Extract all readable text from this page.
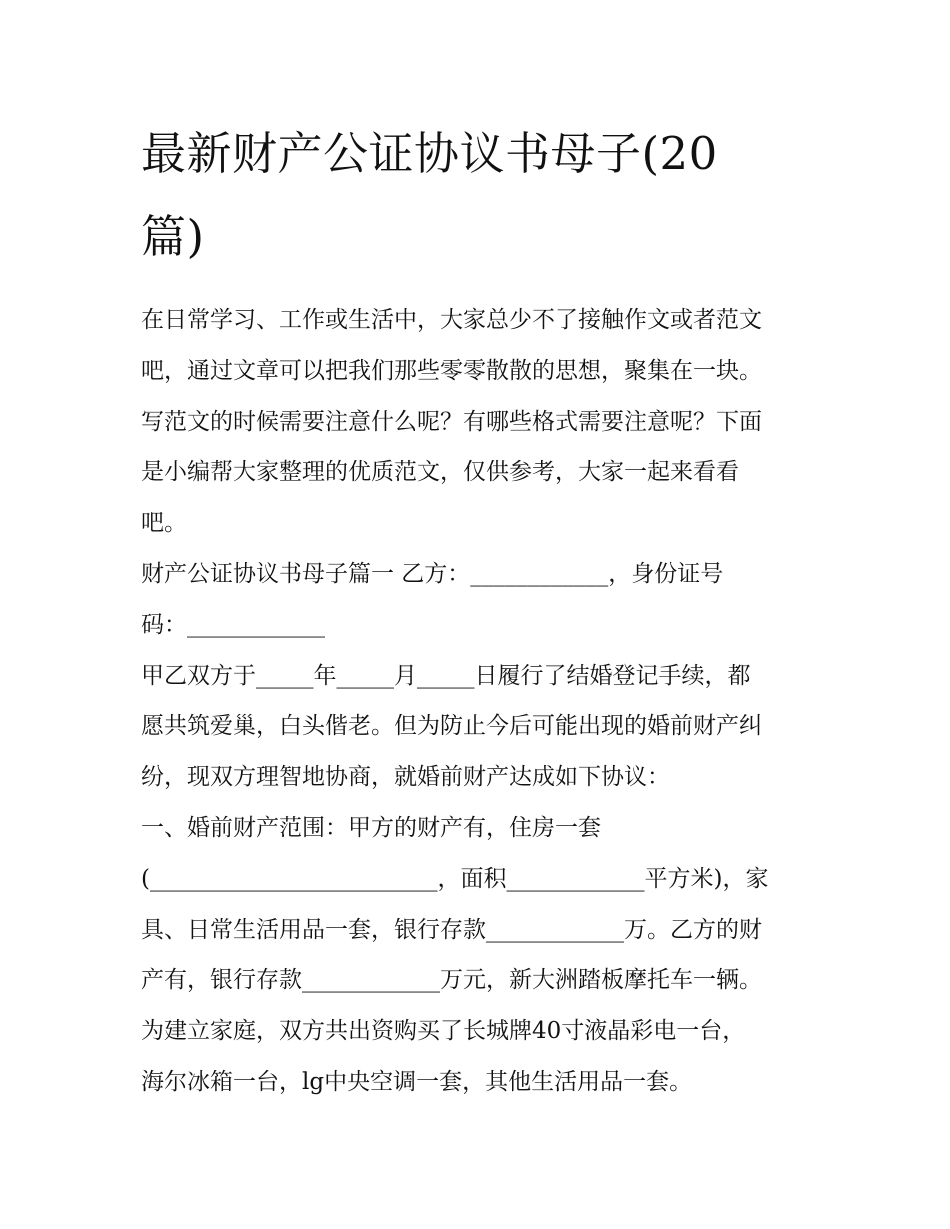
最新财产公证协议书母子(20
篇)
在日常学习、工作或生活中，大家总少不了接触作文或者范文
吧，通过文章可以把我们那些零零散散的思想，聚集在一块。
写范文的时候需要注意什么呢？有哪些格式需要注意呢？下面
是小编帮大家整理的优质范文，仅供参考，大家一起来看看
吧。
财产公证协议书母子篇一 乙方：____________，身份证号
码：____________
甲乙双方于_____年_____月_____日履行了结婚登记手续，都
愿共筑爱巢，白头偕老。但为防止今后可能出现的婚前财产纠
纷，现双方理智地协商，就婚前财产达成如下协议：
一、婚前财产范围：甲方的财产有，住房一套
(_________________________，面积____________平方米)，家
具、日常生活用品一套，银行存款____________万。乙方的财
产有，银行存款____________万元，新大洲踏板摩托车一辆。
为建立家庭，双方共出资购买了长城牌40寸液晶彩电一台，
海尔冰箱一台，lg中央空调一套，其他生活用品一套。
